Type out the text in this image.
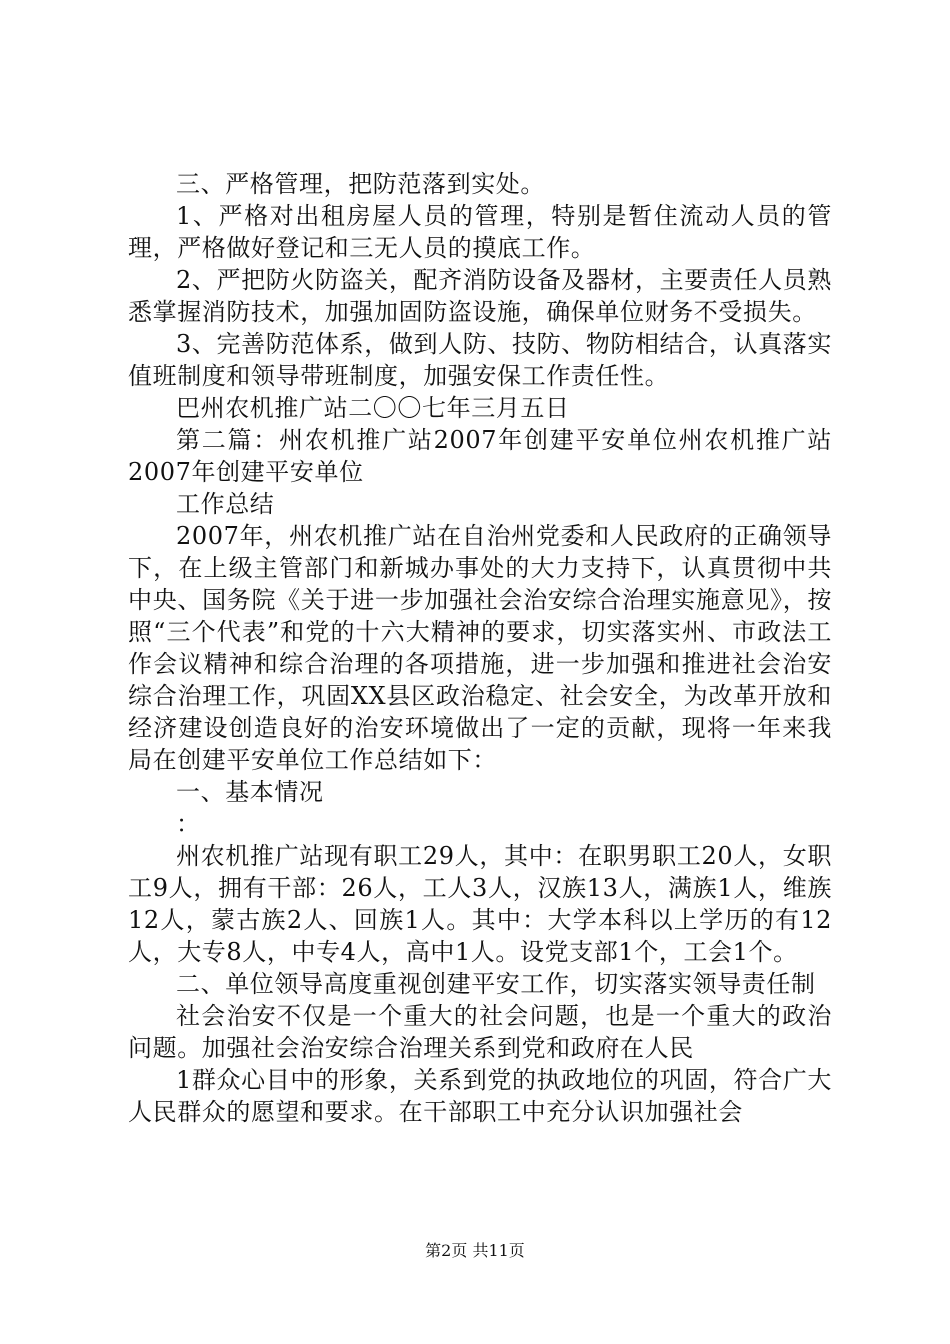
三、严格管理，把防范落到实处。

1、严格对出租房屋人员的管理，特别是暂住流动人员的管理，严格做好登记和三无人员的摸底工作。

2、严把防火防盗关，配齐消防设备及器材，主要责任人员熟悉掌握消防技术，加强加固防盗设施，确保单位财务不受损失。

3、完善防范体系，做到人防、技防、物防相结合，认真落实值班制度和领导带班制度，加强安保工作责任性。

巴州农机推广站二〇〇七年三月五日

第二篇：州农机推广站2007年创建平安单位州农机推广站2007年创建平安单位

工作总结

2007年，州农机推广站在自治州党委和人民政府的正确领导下，在上级主管部门和新城办事处的大力支持下，认真贯彻中共中央、国务院《关于进一步加强社会治安综合治理实施意见》，按照“三个代表”和党的十六大精神的要求，切实落实州、市政法工作会议精神和综合治理的各项措施，进一步加强和推进社会治安综合治理工作，巩固XX县区政治稳定、社会安全，为改革开放和经济建设创造良好的治安环境做出了一定的贡献，现将一年来我局在创建平安单位工作总结如下：

一、基本情况

：

州农机推广站现有职工29人，其中：在职男职工20人，女职工9人，拥有干部：26人，工人3人，汉族13人，满族1人，维族12人，蒙古族2人、回族1人。其中：大学本科以上学历的有12人，大专8人，中专4人，高中1人。设党支部1个，工会1个。

二、单位领导高度重视创建平安工作，切实落实领导责任制

社会治安不仅是一个重大的社会问题，也是一个重大的政治问题。加强社会治安综合治理关系到党和政府在人民

1群众心目中的形象，关系到党的执政地位的巩固，符合广大人民群众的愿望和要求。在干部职工中充分认识加强社会

第2页 共11页
